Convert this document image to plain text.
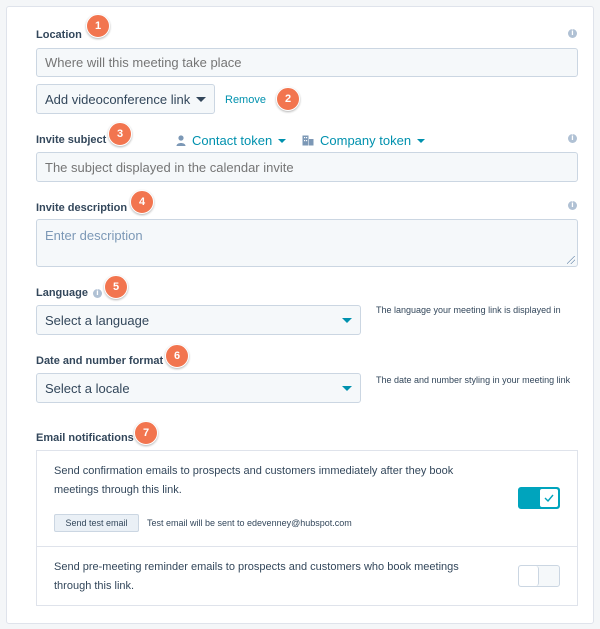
Location	i
Where will this meeting take place
Add videoconference link	Remove
Invite subject	Contact token	Company token	i
The subject displayed in the calendar invite
Invite description	i
Enter description
Language	i
Select a language
The language your meeting link is displayed in
Date and number format
Select a locale
The date and number styling in your meeting link
Email notifications
Send confirmation emails to prospects and customers immediately after they book meetings through this link.
Send test email	Test email will be sent to edevenney@hubspot.com
Send pre-meeting reminder emails to prospects and customers who book meetings through this link.
1
2
3
4
5
6
7
